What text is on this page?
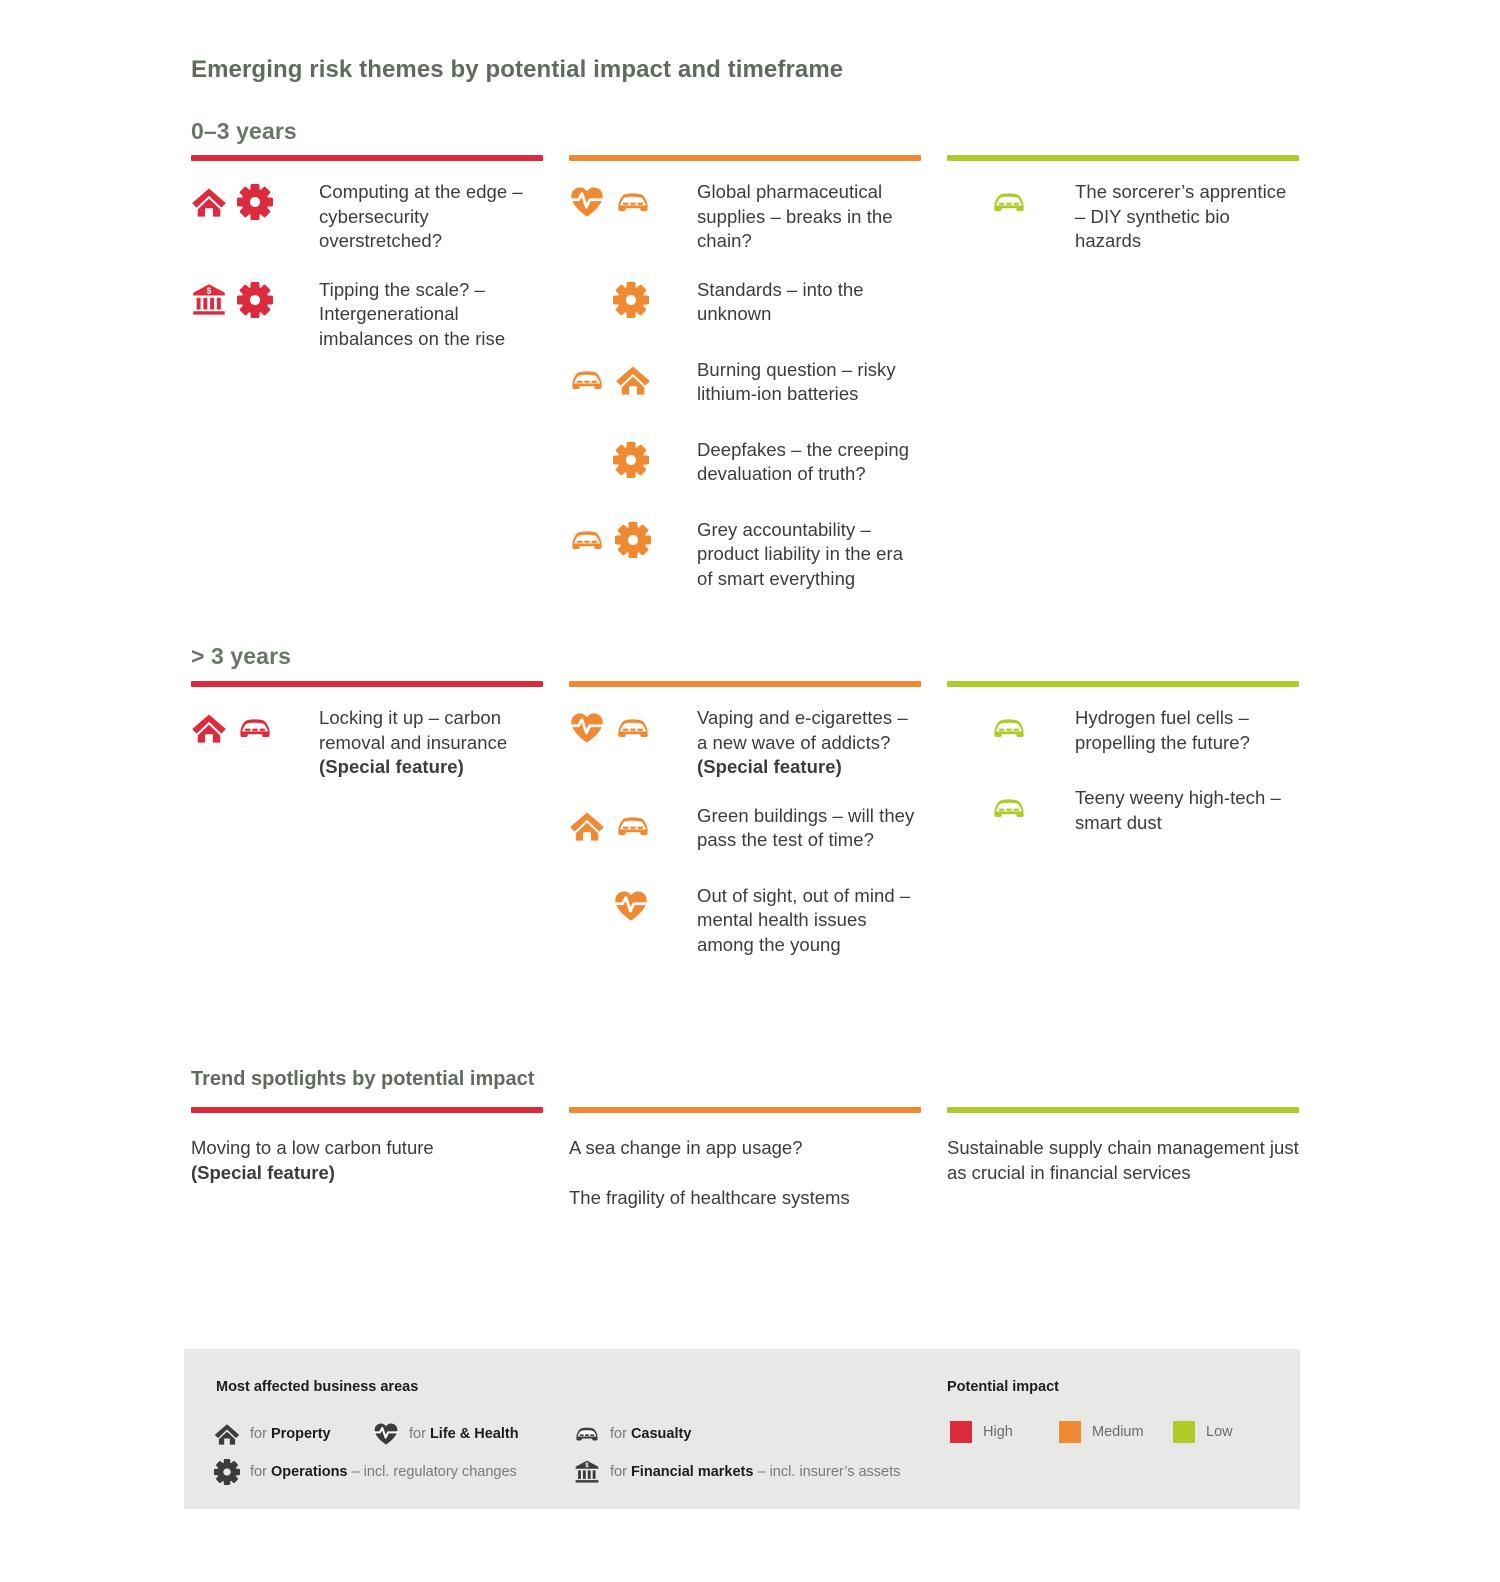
Emerging risk themes by potential impact and timeframe
0–3 years
Computing at the edge – cybersecurity overstretched?
$	Tipping the scale? – Intergenerational imbalances on the rise
Global pharmaceutical supplies – breaks in the chain?
Standards – into the unknown
Burning question – risky lithium-ion batteries
Deepfakes – the creeping devaluation of truth?
Grey accountability – product liability in the era of smart everything
The sorcerer’s apprentice – DIY synthetic bio hazards
> 3 years
Locking it up – carbon removal and insurance (Special feature)
Vaping and e-cigarettes – a new wave of addicts? (Special feature)
Green buildings – will they pass the test of time?
Out of sight, out of mind – mental health issues among the young
Hydrogen fuel cells – propelling the future?
Teeny weeny high-tech – smart dust
Trend spotlights by potential impact
Moving to a low carbon future
(Special feature)
A sea change in app usage?
The fragility of healthcare systems
Sustainable supply chain management just as crucial in financial services
Most affected business areas	Potential impact
for Property	for Life & Health	for Casualty
for Operations – incl. regulatory changes	$ for Financial markets – incl. insurer’s assets
High	Medium	Low
